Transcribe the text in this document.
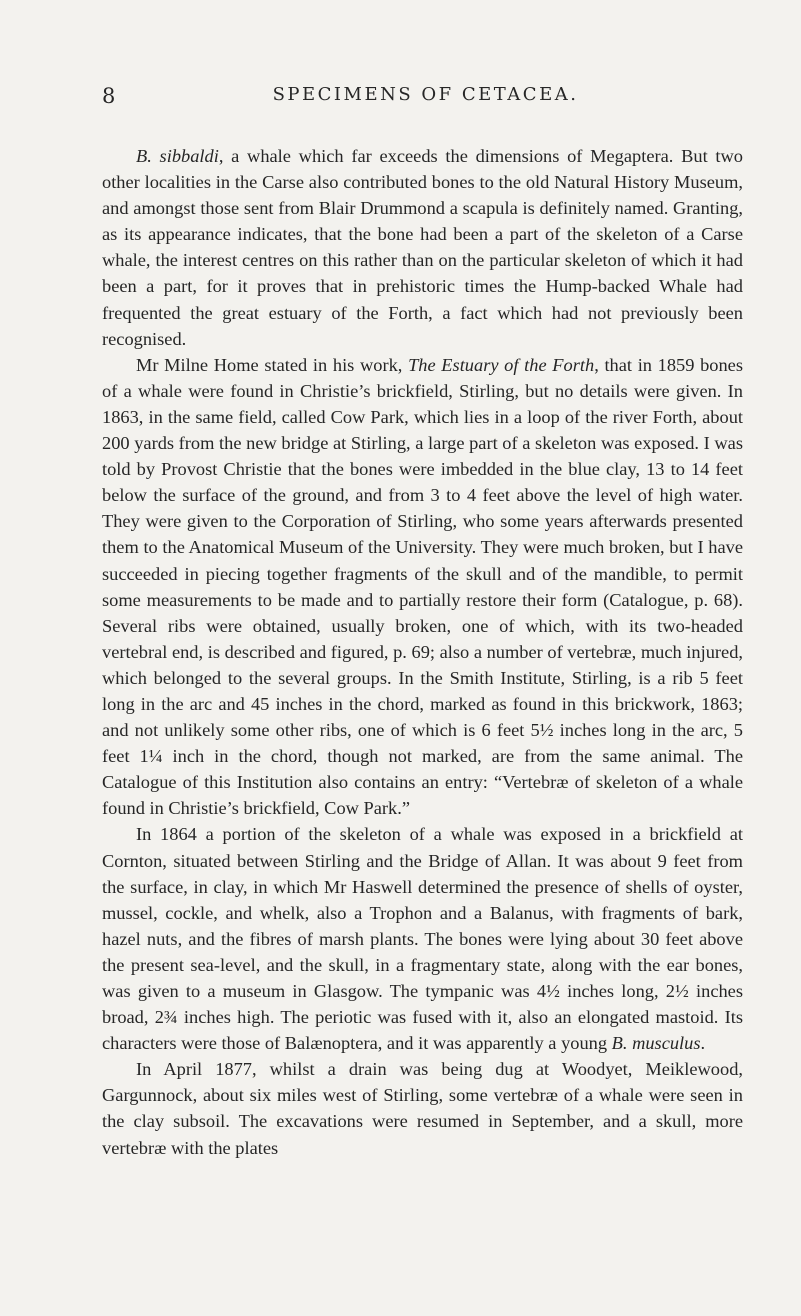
8	SPECIMENS OF CETACEA.

B. sibbaldi, a whale which far exceeds the dimensions of Megaptera. But two other localities in the Carse also contributed bones to the old Natural History Museum, and amongst those sent from Blair Drummond a scapula is definitely named. Granting, as its appearance indicates, that the bone had been a part of the skeleton of a Carse whale, the interest centres on this rather than on the particular skeleton of which it had been a part, for it proves that in prehistoric times the Hump-backed Whale had frequented the great estuary of the Forth, a fact which had not previously been recognised.

Mr Milne Home stated in his work, The Estuary of the Forth, that in 1859 bones of a whale were found in Christie’s brickfield, Stirling, but no details were given. In 1863, in the same field, called Cow Park, which lies in a loop of the river Forth, about 200 yards from the new bridge at Stirling, a large part of a skeleton was exposed. I was told by Provost Christie that the bones were imbedded in the blue clay, 13 to 14 feet below the surface of the ground, and from 3 to 4 feet above the level of high water. They were given to the Corporation of Stirling, who some years afterwards presented them to the Anatomical Museum of the University. They were much broken, but I have succeeded in piecing together fragments of the skull and of the mandible, to permit some measurements to be made and to partially restore their form (Catalogue, p. 68). Several ribs were obtained, usually broken, one of which, with its two-headed vertebral end, is described and figured, p. 69; also a number of vertebræ, much injured, which belonged to the several groups. In the Smith Institute, Stirling, is a rib 5 feet long in the arc and 45 inches in the chord, marked as found in this brickwork, 1863; and not unlikely some other ribs, one of which is 6 feet 5½ inches long in the arc, 5 feet 1¼ inch in the chord, though not marked, are from the same animal. The Catalogue of this Institution also contains an entry: “Vertebræ of skeleton of a whale found in Christie’s brickfield, Cow Park.”

In 1864 a portion of the skeleton of a whale was exposed in a brickfield at Cornton, situated between Stirling and the Bridge of Allan. It was about 9 feet from the surface, in clay, in which Mr Haswell determined the presence of shells of oyster, mussel, cockle, and whelk, also a Trophon and a Balanus, with fragments of bark, hazel nuts, and the fibres of marsh plants. The bones were lying about 30 feet above the present sea-level, and the skull, in a fragmentary state, along with the ear bones, was given to a museum in Glasgow. The tympanic was 4½ inches long, 2½ inches broad, 2¾ inches high. The periotic was fused with it, also an elongated mastoid. Its characters were those of Balænoptera, and it was apparently a young B. musculus.

In April 1877, whilst a drain was being dug at Woodyet, Meiklewood, Gargunnock, about six miles west of Stirling, some vertebræ of a whale were seen in the clay subsoil. The excavations were resumed in September, and a skull, more vertebræ with the plates
